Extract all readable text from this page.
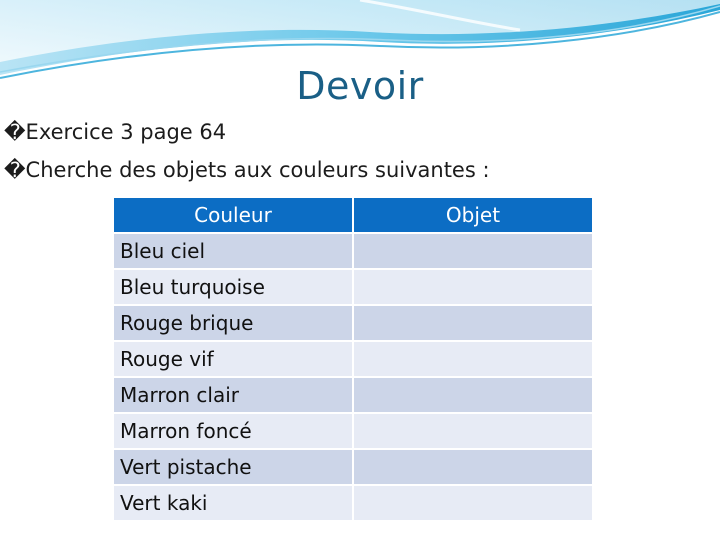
Devoir
�Exercice 3 page 64
�Cherche des objets aux couleurs suivantes :
Couleur	Objet
Bleu ciel	
Bleu turquoise	
Rouge brique	
Rouge vif	
Marron clair	
Marron foncé	
Vert pistache	
Vert kaki	
